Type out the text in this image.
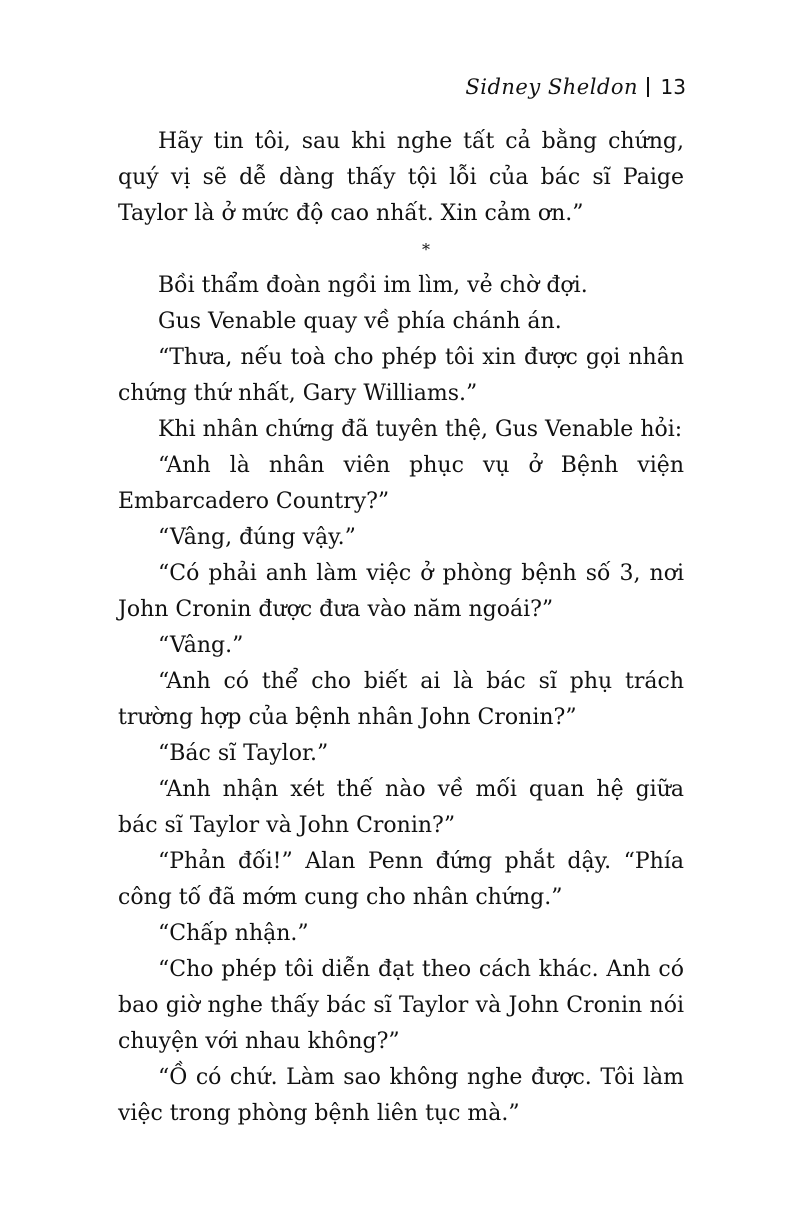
Sidney Sheldon 13

Hãy tin tôi, sau khi nghe tất cả bằng chứng, quý vị sẽ dễ dàng thấy tội lỗi của bác sĩ Paige Taylor là ở mức độ cao nhất. Xin cảm ơn.”

*

Bồi thẩm đoàn ngồi im lìm, vẻ chờ đợi.

Gus Venable quay về phía chánh án.

“Thưa, nếu toà cho phép tôi xin được gọi nhân chứng thứ nhất, Gary Williams.”

Khi nhân chứng đã tuyên thệ, Gus Venable hỏi:

“Anh là nhân viên phục vụ ở Bệnh viện Embarcadero Country?”

“Vâng, đúng vậy.”

“Có phải anh làm việc ở phòng bệnh số 3, nơi John Cronin được đưa vào năm ngoái?”

“Vâng.”

“Anh có thể cho biết ai là bác sĩ phụ trách trường hợp của bệnh nhân John Cronin?”

“Bác sĩ Taylor.”

“Anh nhận xét thế nào về mối quan hệ giữa bác sĩ Taylor và John Cronin?”

“Phản đối!” Alan Penn đứng phắt dậy. “Phía công tố đã mớm cung cho nhân chứng.”

“Chấp nhận.”

“Cho phép tôi diễn đạt theo cách khác. Anh có bao giờ nghe thấy bác sĩ Taylor và John Cronin nói chuyện với nhau không?”

“Ồ có chứ. Làm sao không nghe được. Tôi làm việc trong phòng bệnh liên tục mà.”
